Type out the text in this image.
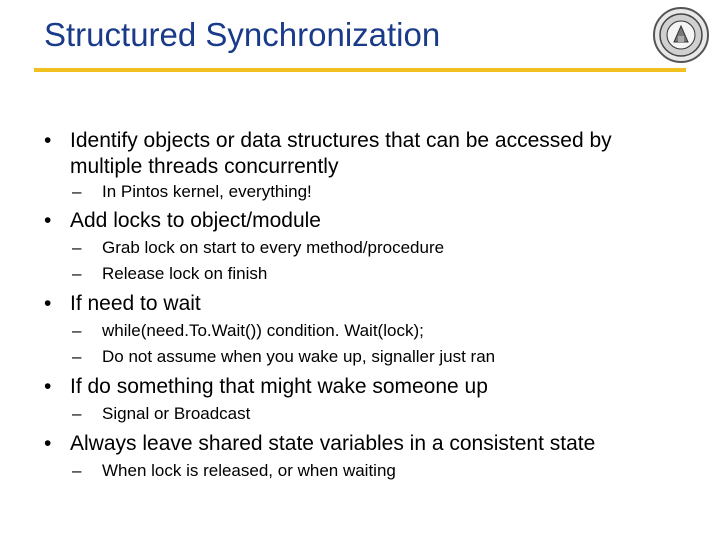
Structured Synchronization
• Identify objects or data structures that can be accessed by multiple threads concurrently
– In Pintos kernel, everything!
• Add locks to object/module
– Grab lock on start to every method/procedure
– Release lock on finish
• If need to wait
– while(need.To.Wait()) condition. Wait(lock);
– Do not assume when you wake up, signaller just ran
• If do something that might wake someone up
– Signal or Broadcast
• Always leave shared state variables in a consistent state
– When lock is released, or when waiting
